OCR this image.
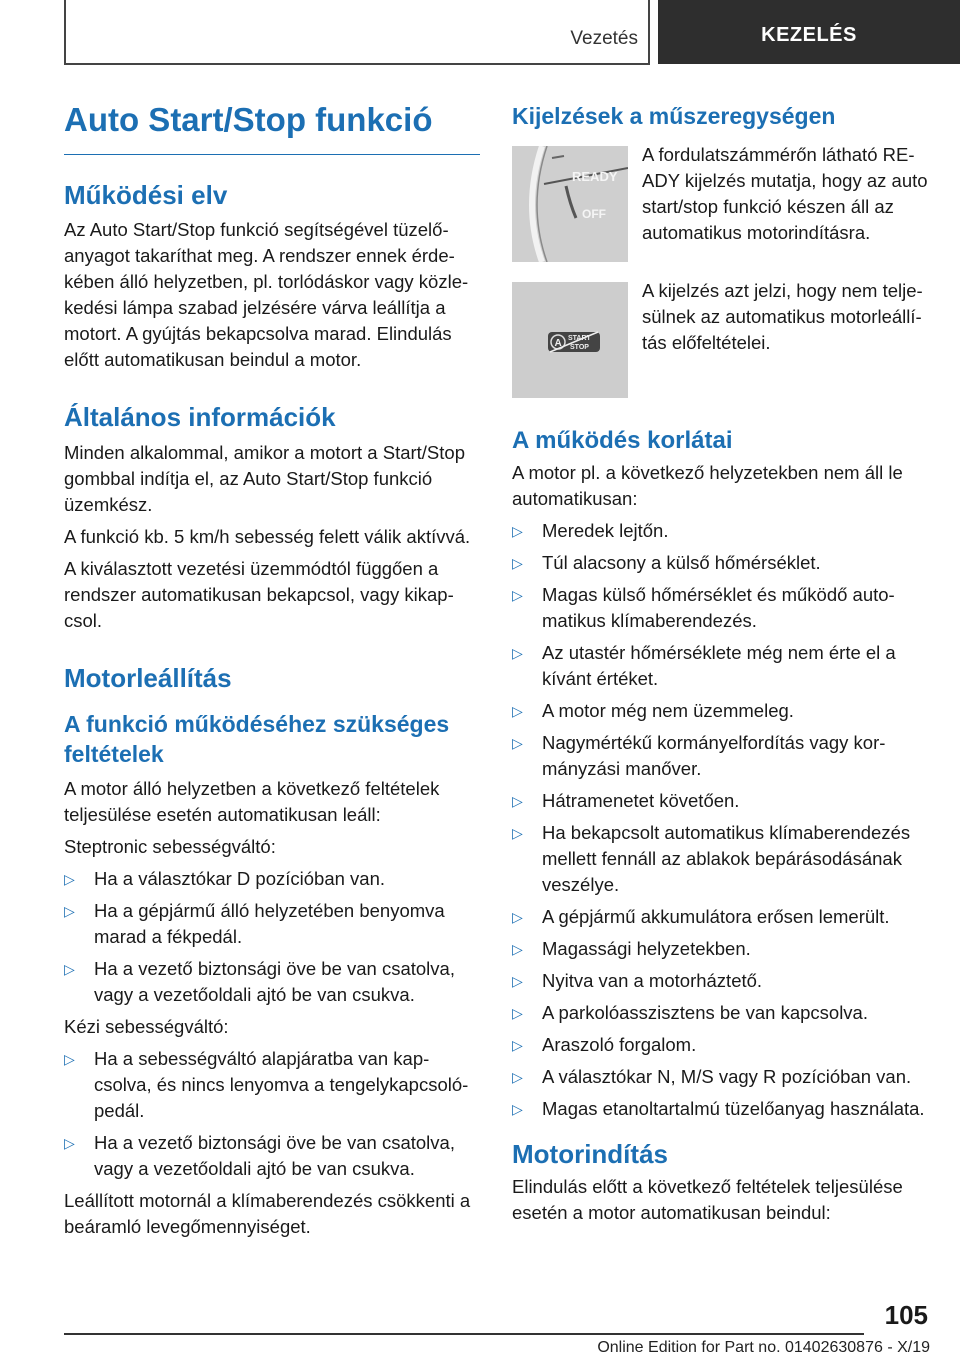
Vezetés	KEZELÉS
Auto Start/Stop funkció
Működési elv

Az Auto Start/Stop funkció segítségével tüzelőanyagot takaríthat meg. A rendszer ennek érdekében álló helyzetben, pl. torlódáskor vagy közlekedési lámpa szabad jelzésére várva leállítja a motort. A gyújtás bekapcsolva marad. Elindulás előtt automatikusan beindul a motor.

Általános információk

Minden alkalommal, amikor a motort a Start/Stop gombbal indítja el, az Auto Start/Stop funkció üzemkész.

A funkció kb. 5 km/h sebesség felett válik aktívvá.

A kiválasztott vezetési üzemmódtól függően a rendszer automatikusan bekapcsol, vagy kikapcsol.

Motorleállítás
A funkció működéséhez szükséges feltételek

A motor álló helyzetben a következő feltételek teljesülése esetén automatikusan leáll:

Steptronic sebességváltó:

▷ Ha a választókar D pozícióban van.
▷ Ha a gépjármű álló helyzetében benyomva marad a fékpedál.
▷ Ha a vezető biztonsági öve be van csatolva, vagy a vezetőoldali ajtó be van csukva.

Kézi sebességváltó:

▷ Ha a sebességváltó alapjáratba van kapcsolva, és nincs lenyomva a tengelykapcsolópedál.
▷ Ha a vezető biztonsági öve be van csatolva, vagy a vezetőoldali ajtó be van csukva.

Leállított motornál a klímaberendezés csökkenti a beáramló levegőmennyiséget.

Kijelzések a műszeregységen
READY
OFF

A fordulatszámmérőn látható READY kijelzés mutatja, hogy az auto start/stop funkció készen áll az automatikus motorindításra.

A START
STOP

A kijelzés azt jelzi, hogy nem teljesülnek az automatikus motorleállítás előfeltételei.

A működés korlátai

A motor pl. a következő helyzetekben nem áll le automatikusan:

▷ Meredek lejtőn.
▷ Túl alacsony a külső hőmérséklet.
▷ Magas külső hőmérséklet és működő automatikus klímaberendezés.
▷ Az utastér hőmérséklete még nem érte el a kívánt értéket.
▷ A motor még nem üzemmeleg.
▷ Nagymértékű kormányelfordítás vagy kormányzási manőver.
▷ Hátramenetet követően.
▷ Ha bekapcsolt automatikus klímaberendezés mellett fennáll az ablakok bepárásodásának veszélye.
▷ A gépjármű akkumulátora erősen lemerült.
▷ Magassági helyzetekben.
▷ Nyitva van a motorháztető.
▷ A parkolóasszisztens be van kapcsolva.
▷ Araszoló forgalom.
▷ A választókar N, M/S vagy R pozícióban van.
▷ Magas etanoltartalmú tüzelőanyag használata.
Motorindítás

Elindulás előtt a következő feltételek teljesülése esetén a motor automatikusan beindul:

105
Online Edition for Part no. 01402630876 - X/19
